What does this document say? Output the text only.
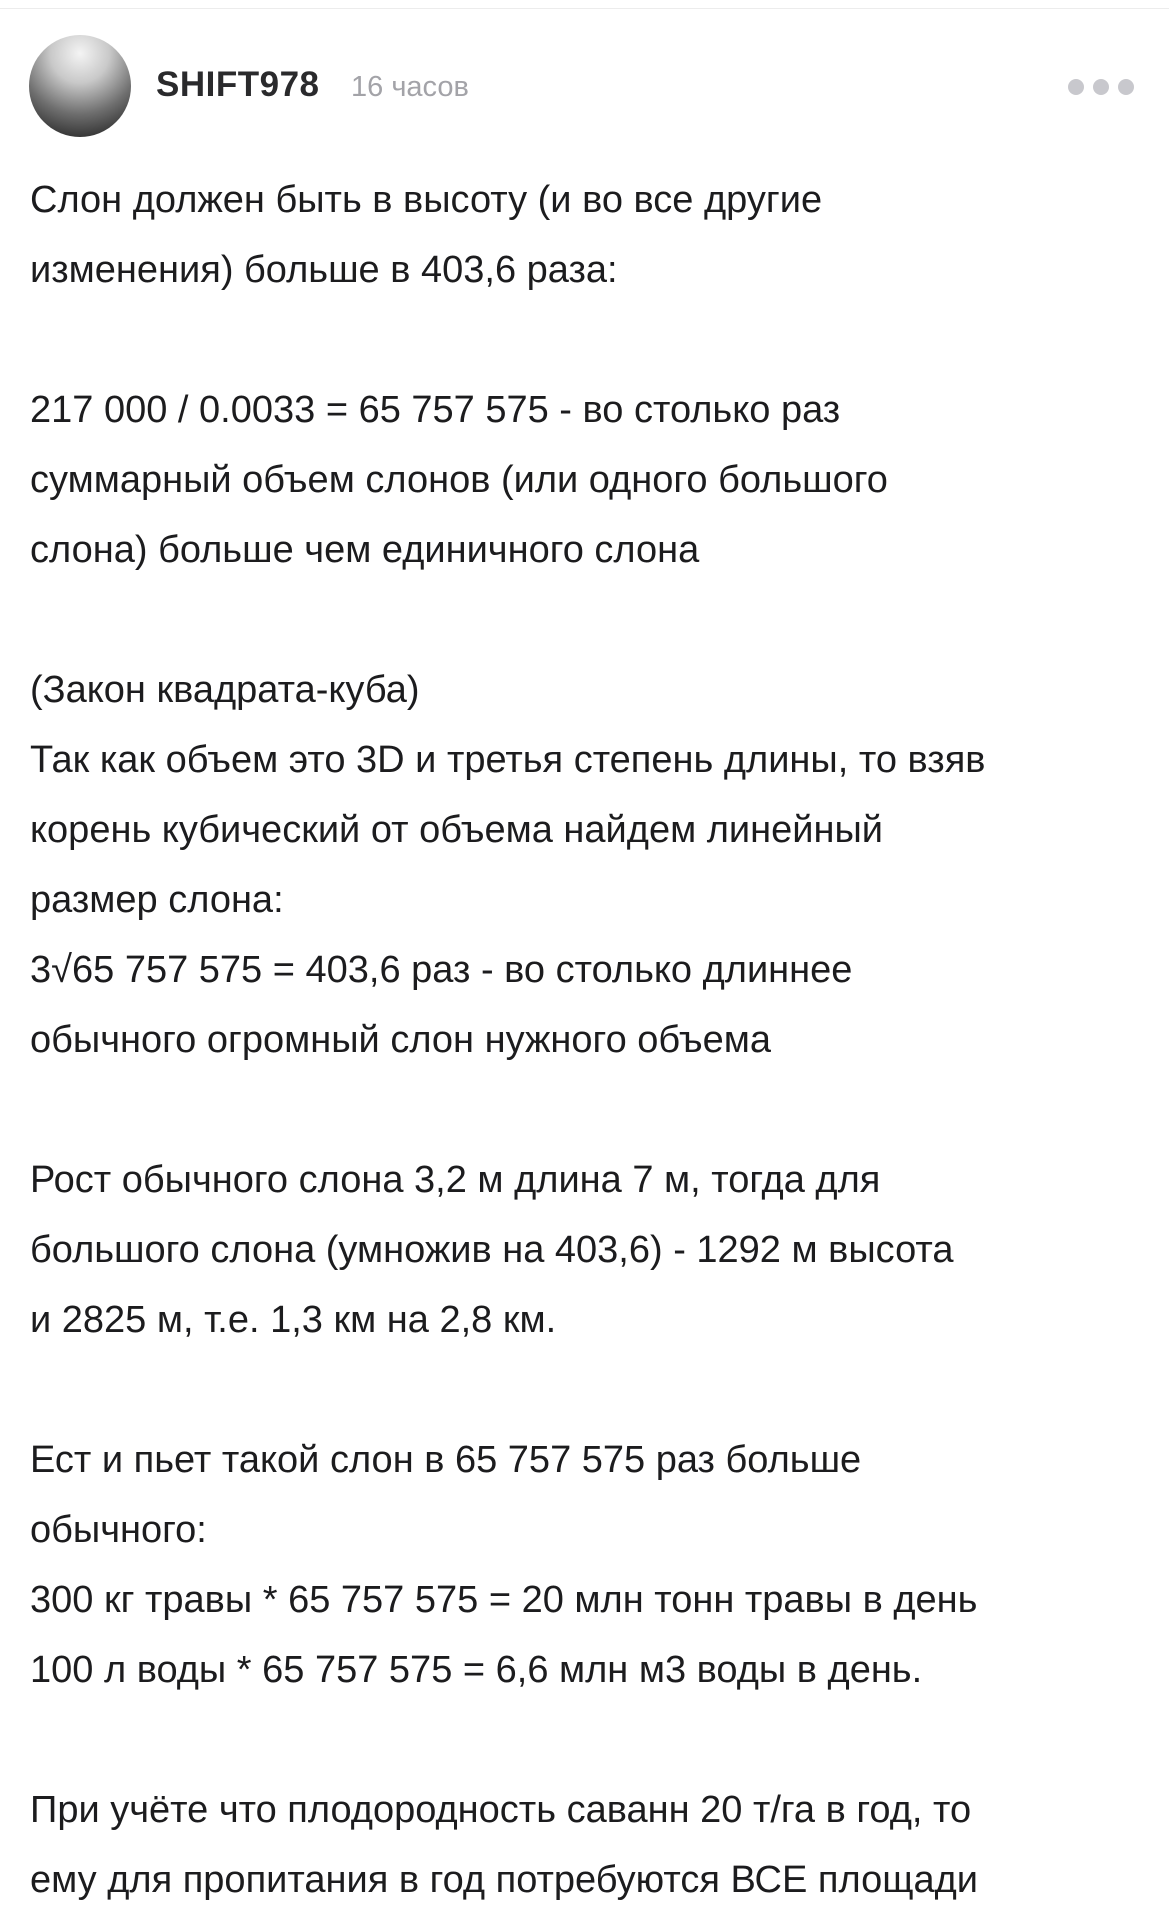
SHIFT978 16 часов

Слон должен быть в высоту (и во все другие
изменения) больше в 403,6 раза:

217 000 / 0.0033 = 65 757 575 - во столько раз
суммарный объем слонов (или одного большого
слона) больше чем единичного слона

(Закон квадрата-куба)
Так как объем это 3D и третья степень длины, то взяв
корень кубический от объема найдем линейный
размер слона:
3√65 757 575 = 403,6 раз - во столько длиннее
обычного огромный слон нужного объема

Рост обычного слона 3,2 м длина 7 м, тогда для
большого слона (умножив на 403,6) - 1292 м высота
и 2825 м, т.е. 1,3 км на 2,8 км.

Ест и пьет такой слон в 65 757 575 раз больше
обычного:
300 кг травы * 65 757 575 = 20 млн тонн травы в день
100 л воды * 65 757 575 = 6,6 млн м3 воды в день.

При учёте что плодородность саванн 20 т/га в год, то
ему для пропитания в год потребуются ВСЕ площади
